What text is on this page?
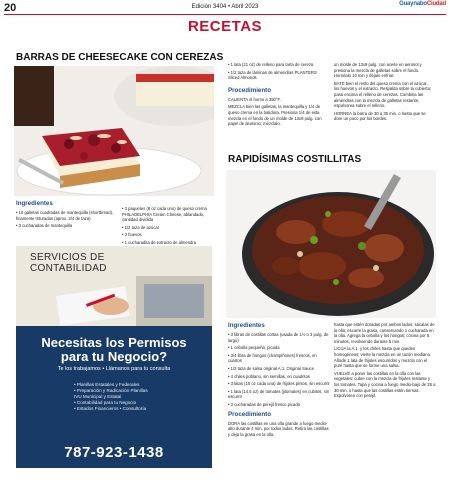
20	Edición 3404 • Abril 2023	GuaynaboCiudad
RECETAS
BARRAS DE CHEESECAKE CON CEREZAS
Ingredientes

• 10 galletas cuadradas de mantequilla (shortbread), finamente trituradas (aprox. 3/4 de taza)

• 3 cucharadas de mantequilla

• 3 paquetes (8 oz cada uno) de queso crema PHILADELPHIA Cream Cheese, ablandado, cantidad dividida

• 1/2 taza de azúcar

• 3 huevos

• 1 cucharadita de extracto de almendra

• 1 lata (21 oz) de relleno para tarta de cereza

• 1/2 taza de láminas de almendras PLANTERS Sliced Almonds

Procedimiento

CALIENTA el horno a 350°F.

MEZCLA bien las galletas, la mantequilla y 1/4 de queso crema en la batidora. Presiona 1/4 de esta mezcla en el fondo de un molde de 13x9 pulg. con papel de aluminio; mézclalo.

un molde de 13x9 pulg. con aceite en aerosol y presiona la mezcla de galletas sobre el fondo. Hornéalo 10 min y déjalo enfriar.

BATE bien el resto del queso crema con el azúcar, los huevos y el extracto. Respalda sobre la cubierta; pasa encima el relleno de cerezas. Combina las almendras con la mezcla de galletas restante; espolvorea sobre el relleno.

HORNEA la barra de 30 a 35 min. o hasta que se dore un poco por los bordes.

RAPIDÍSIMAS COSTILLITAS
Ingredientes

• 3 libras de costillas cortas (usada de 1½ o 3 pulg. de largo)

• 1 cebolla pequeña, picada

• 3/4 libra de hongos (champiñones) frescos, en cuartos

• 1/2 taza de salsa original A.1. Original Sauce

• 4 chiles poblano, sin semillas, en cuadritos

• 3 latas (15 oz cada una) de frijoles pintos, sin escurrir

• 1 lata (14.5 oz) de tomates (jitomates) en cubitos, sin escurrir

• 3 cucharadas de perejil fresco picado

Procedimiento

DORA las costillas en una olla grande a fuego medio-alto durante 4 min. por todos lados. Retira las costillas y deja la grasa en la olla.

hasta que estén doradas por ambos lados; sácalas de la olla; escurre la grasa, conservando 1 cucharada en la olla. Agrega la cebolla y los hongos; cocina por 5 minutos, revolviendo durante 5 min.

LICÚA la A.1. y los chiles hasta que queden homogéneos; vierte la mezcla en un tazón mediano. Añade 1 lata de frijoles escurridos y mezcla con el puré hasta que se forme una salsa.

VUELVE a poner las costillas en la olla con las vegetales; cubre con la mezcla de frijoles restante y los tomates. Tapa y cocina a fuego medio-bajo de 25 a 30 min. o hasta que las costillas estén tiernas. Espolvorea con perejil.

SERVICIOS DE
CONTABILIDAD
Necesitas los Permisos
para tu Negocio?
Te los trabajamos • Llámanos para tu consulta
• Planillas Estatales y Federales
• Preparación y Radicación Planillas
IVU Municipal y Estatal
• Contabilidad para tu Negocio
• Estados Financieros • Consultoría
787-923-1438
